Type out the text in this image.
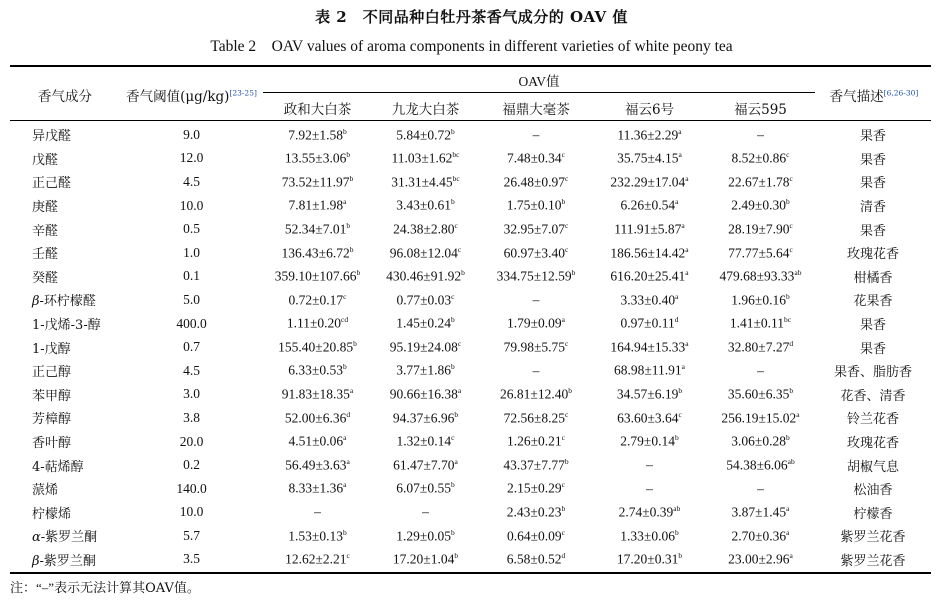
表 2　不同品种白牡丹茶香气成分的 OAV 值
Table 2　OAV values of aroma components in different varieties of white peony tea
香气成分	香气阈值(μg/kg)[23-25]
OAV值
香气描述[6,26-30]
政和大白茶	九龙大白茶	福鼎大毫茶	福云6号	福云595
异戊醛	9.0	7.92±1.58$^b$	5.84±0.72$^b$	–	11.36±2.29$^a$	–	果香
戊醛	12.0	13.55±3.06$^b$	11.03±1.62$^{bc}$	7.48±0.34$^c$	35.75±4.15$^a$	8.52±0.86$^c$	果香
正己醛	4.5	73.52±11.97$^b$	31.31±4.45$^{bc}$	26.48±0.97$^c$	232.29±17.04$^a$	22.67±1.78$^c$	果香
庚醛	10.0	7.81±1.98$^a$	3.43±0.61$^b$	1.75±0.10$^b$	6.26±0.54$^a$	2.49±0.30$^b$	清香
辛醛	0.5	52.34±7.01$^b$	24.38±2.80$^c$	32.95±7.07$^c$	111.91±5.87$^a$	28.19±7.90$^c$	果香
壬醛	1.0	136.43±6.72$^b$	96.08±12.04$^c$	60.97±3.40$^c$	186.56±14.42$^a$	77.77±5.64$^c$	玫瑰花香
癸醛	0.1	359.10±107.66$^b$	430.46±91.92$^b$	334.75±12.59$^b$	616.20±25.41$^a$	479.68±93.33$^{ab}$	柑橘香
β-环柠檬醛	5.0	0.72±0.17$^c$	0.77±0.03$^c$	–	3.33±0.40$^a$	1.96±0.16$^b$	花果香
1-戊烯-3-醇	400.0	1.11±0.20$^{cd}$	1.45±0.24$^b$	1.79±0.09$^a$	0.97±0.11$^d$	1.41±0.11$^{bc}$	果香
1-戊醇	0.7	155.40±20.85$^b$	95.19±24.08$^c$	79.98±5.75$^c$	164.94±15.33$^a$	32.80±7.27$^d$	果香
正己醇	4.5	6.33±0.53$^b$	3.77±1.86$^b$	–	68.98±11.91$^a$	–	果香、脂肪香
苯甲醇	3.0	91.83±18.35$^a$	90.66±16.38$^a$	26.81±12.40$^b$	34.57±6.19$^b$	35.60±6.35$^b$	花香、清香
芳樟醇	3.8	52.00±6.36$^d$	94.37±6.96$^b$	72.56±8.25$^c$	63.60±3.64$^c$	256.19±15.02$^a$	铃兰花香
香叶醇	20.0	4.51±0.06$^a$	1.32±0.14$^c$	1.26±0.21$^c$	2.79±0.14$^b$	3.06±0.28$^b$	玫瑰花香
4-萜烯醇	0.2	56.49±3.63$^a$	61.47±7.70$^a$	43.37±7.77$^b$	–	54.38±6.06$^{ab}$	胡椒气息
蒎烯	140.0	8.33±1.36$^a$	6.07±0.55$^b$	2.15±0.29$^c$	–	–	松油香
柠檬烯	10.0	–	–	2.43±0.23$^b$	2.74±0.39$^{ab}$	3.87±1.45$^a$	柠檬香
α-紫罗兰酮	5.7	1.53±0.13$^b$	1.29±0.05$^b$	0.64±0.09$^c$	1.33±0.06$^b$	2.70±0.36$^a$	紫罗兰花香
β-紫罗兰酮	3.5	12.62±2.21$^c$	17.20±1.04$^b$	6.58±0.52$^d$	17.20±0.31$^b$	23.00±2.96$^a$	紫罗兰花香
注：“–”表示无法计算其OAV值。
